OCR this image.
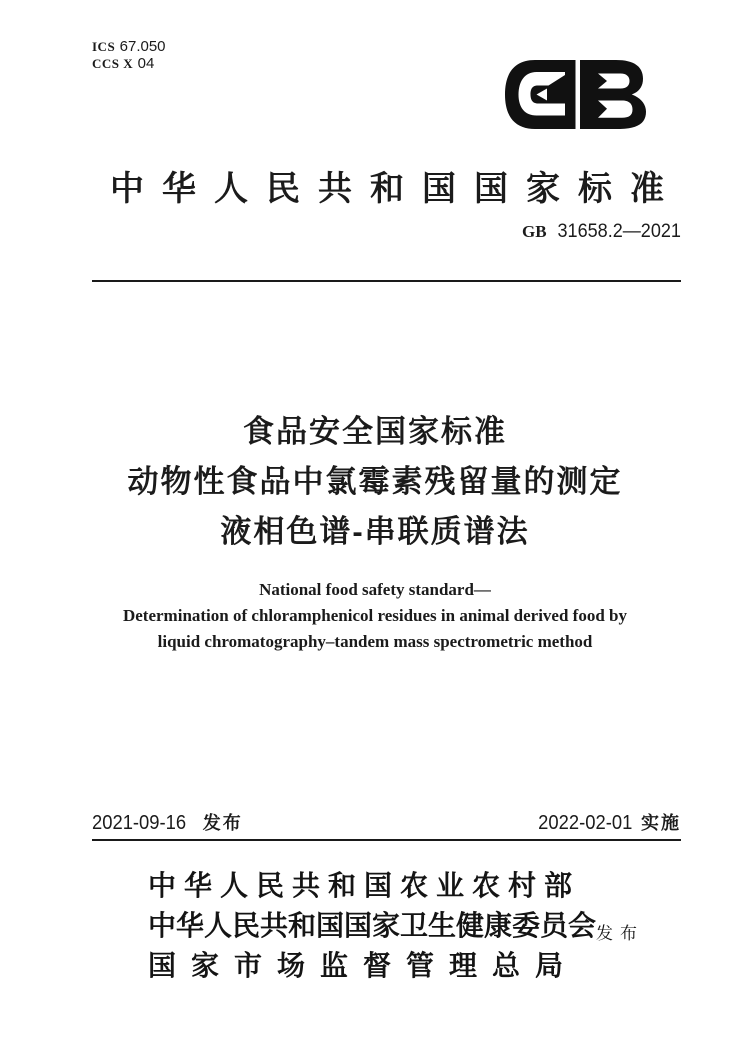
ICS 67.050
CCS X 04
中华人民共和国国家标准
GB 31658.2—2021
食品安全国家标准
动物性食品中氯霉素残留量的测定
液相色谱-串联质谱法
National food safety standard—
Determination of chloramphenicol residues in animal derived food by
liquid chromatography–tandem mass spectrometric method
2021-09-16 发布	2022-02-01 实施
中华人民共和国农业农村部
中华人民共和国国家卫生健康委员会
国家市场监督管理总局
发布
